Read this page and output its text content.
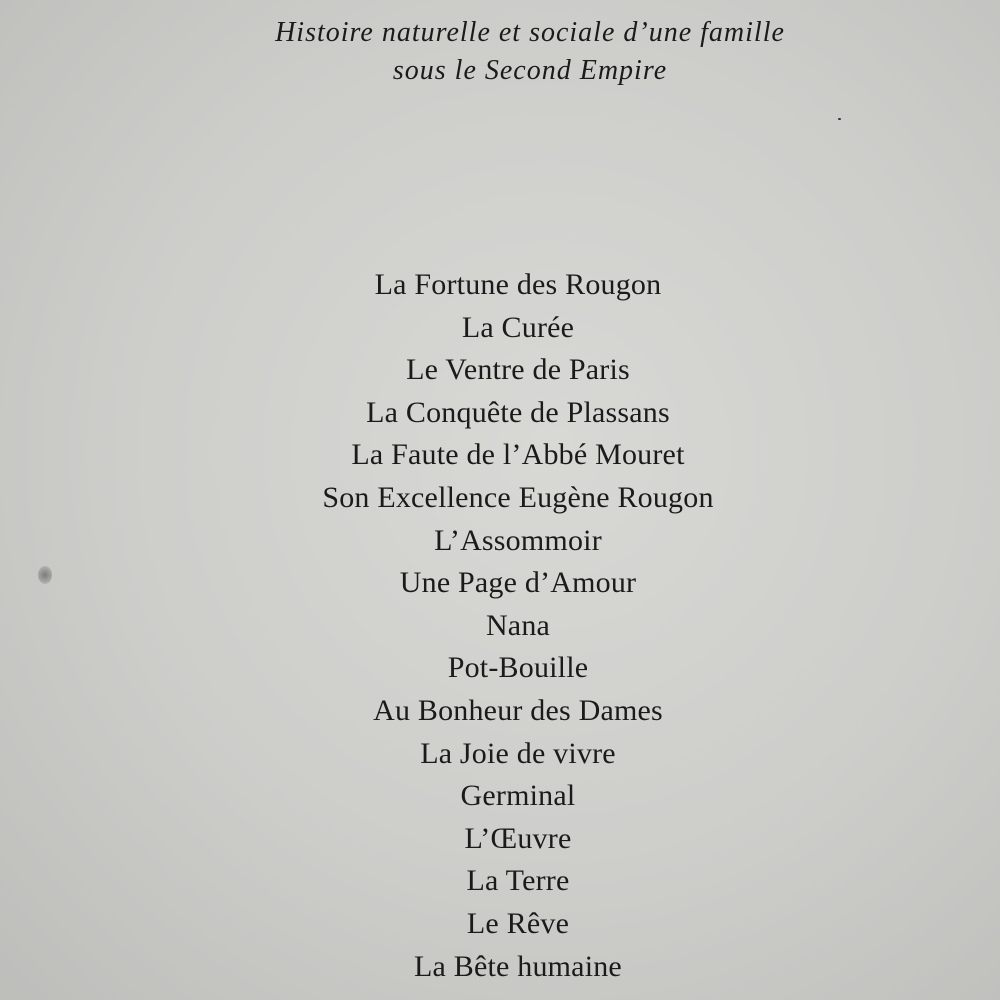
Histoire naturelle et sociale d’une famille
sous le Second Empire
La Fortune des Rougon
La Curée
Le Ventre de Paris
La Conquête de Plassans
La Faute de l’Abbé Mouret
Son Excellence Eugène Rougon
L’Assommoir
Une Page d’Amour
Nana
Pot-Bouille
Au Bonheur des Dames
La Joie de vivre
Germinal
L’Œuvre
La Terre
Le Rêve
La Bête humaine
